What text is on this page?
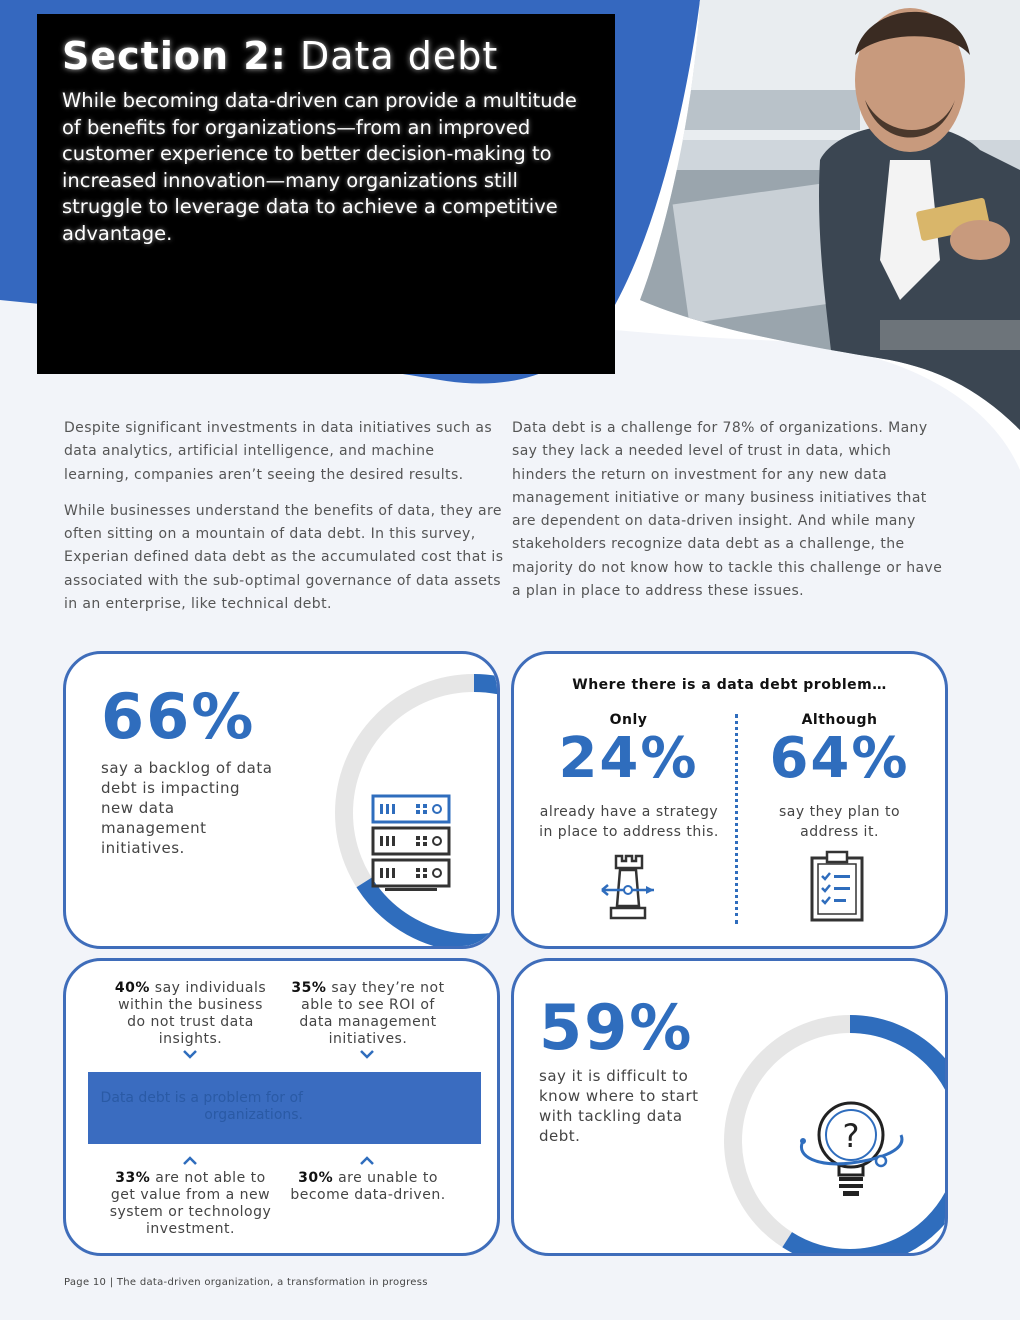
Section 2: Data debt
While becoming data-driven can provide a multitude of benefits for organizations—from an improved customer experience to better decision-making to increased innovation—many organizations still struggle to leverage data to achieve a competitive advantage.

Despite significant investments in data initiatives such as data analytics, artificial intelligence, and machine learning, companies aren’t seeing the desired results.

While businesses understand the benefits of data, they are often sitting on a mountain of data debt. In this survey, Experian defined data debt as the accumulated cost that is associated with the sub-optimal governance of data assets in an enterprise, like technical debt.

Data debt is a challenge for 78% of organizations. Many say they lack a needed level of trust in data, which hinders the return on investment for any new data management initiative or many business initiatives that are dependent on data-driven insight. And while many stakeholders recognize data debt as a challenge, the majority do not know how to tackle this challenge or have a plan in place to address these issues.

66%
say a backlog of data debt is impacting new data management initiatives.
Where there is a data debt problem…
Only
24%
already have a strategy in place to address this.
Although
64%
say they plan to address it.
40% say individuals within the business do not trust data insights.
35% say they’re not able to see ROI of data management initiatives.
Data debt is a problem for of organizations.
33% are not able to get value from a new system or technology investment.
30% are unable to become data-driven.
59%
say it is difficult to know where to start with tackling data debt.	?
Page 10 | The data-driven organization, a transformation in progress
